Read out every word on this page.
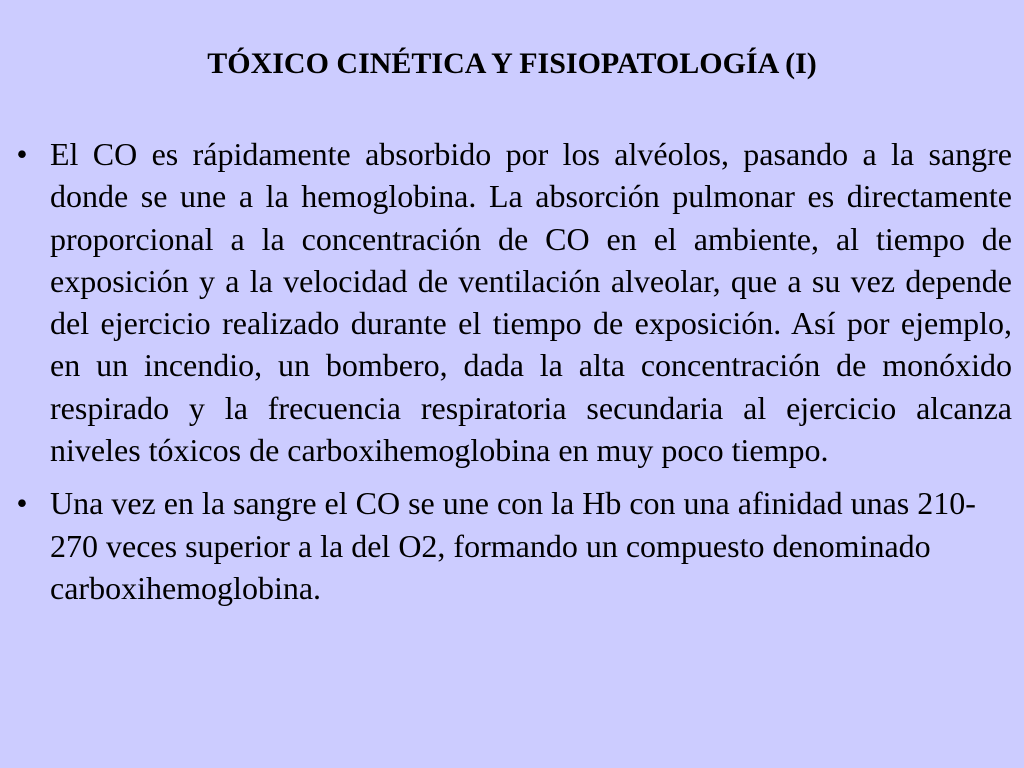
TÓXICO CINÉTICA Y FISIOPATOLOGÍA (I)
• El CO es rápidamente absorbido por los alvéolos, pasando a la sangre donde se une a la hemoglobina. La absorción pulmonar es directamente proporcional a la concentración de CO en el ambiente, al tiempo de exposición y a la velocidad de ventilación alveolar, que a su vez depende del ejercicio realizado durante el tiempo de exposición. Así por ejemplo, en un incendio, un bombero, dada la alta concentración de monóxido respirado y la frecuencia respiratoria secundaria al ejercicio alcanza niveles tóxicos de carboxihemoglobina en muy poco tiempo.
• Una vez en la sangre el CO se une con la Hb con una afinidad unas 210-270 veces superior a la del O2, formando un compuesto denominado carboxihemoglobina.
